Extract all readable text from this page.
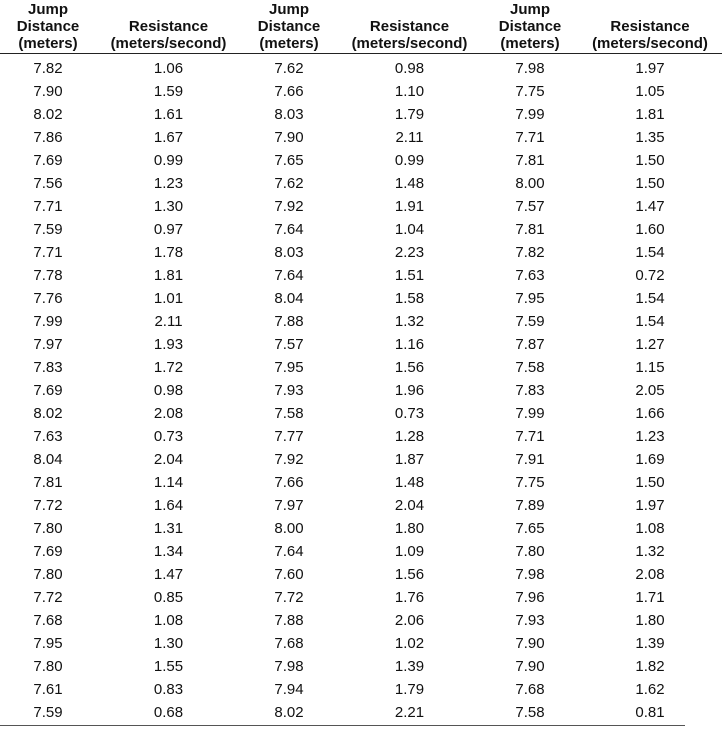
Jump
Distance
(meters)	Resistance
(meters/second)	Jump
Distance
(meters)	Resistance
(meters/second)	Jump
Distance
(meters)	Resistance
(meters/second)

7.82	1.06	7.62	0.98	7.98	1.97
7.90	1.59	7.66	1.10	7.75	1.05
8.02	1.61	8.03	1.79	7.99	1.81
7.86	1.67	7.90	2.11	7.71	1.35
7.69	0.99	7.65	0.99	7.81	1.50
7.56	1.23	7.62	1.48	8.00	1.50
7.71	1.30	7.92	1.91	7.57	1.47
7.59	0.97	7.64	1.04	7.81	1.60
7.71	1.78	8.03	2.23	7.82	1.54
7.78	1.81	7.64	1.51	7.63	0.72
7.76	1.01	8.04	1.58	7.95	1.54
7.99	2.11	7.88	1.32	7.59	1.54
7.97	1.93	7.57	1.16	7.87	1.27
7.83	1.72	7.95	1.56	7.58	1.15
7.69	0.98	7.93	1.96	7.83	2.05
8.02	2.08	7.58	0.73	7.99	1.66
7.63	0.73	7.77	1.28	7.71	1.23
8.04	2.04	7.92	1.87	7.91	1.69
7.81	1.14	7.66	1.48	7.75	1.50
7.72	1.64	7.97	2.04	7.89	1.97
7.80	1.31	8.00	1.80	7.65	1.08
7.69	1.34	7.64	1.09	7.80	1.32
7.80	1.47	7.60	1.56	7.98	2.08
7.72	0.85	7.72	1.76	7.96	1.71
7.68	1.08	7.88	2.06	7.93	1.80
7.95	1.30	7.68	1.02	7.90	1.39
7.80	1.55	7.98	1.39	7.90	1.82
7.61	0.83	7.94	1.79	7.68	1.62
7.59	0.68	8.02	2.21	7.58	0.81
